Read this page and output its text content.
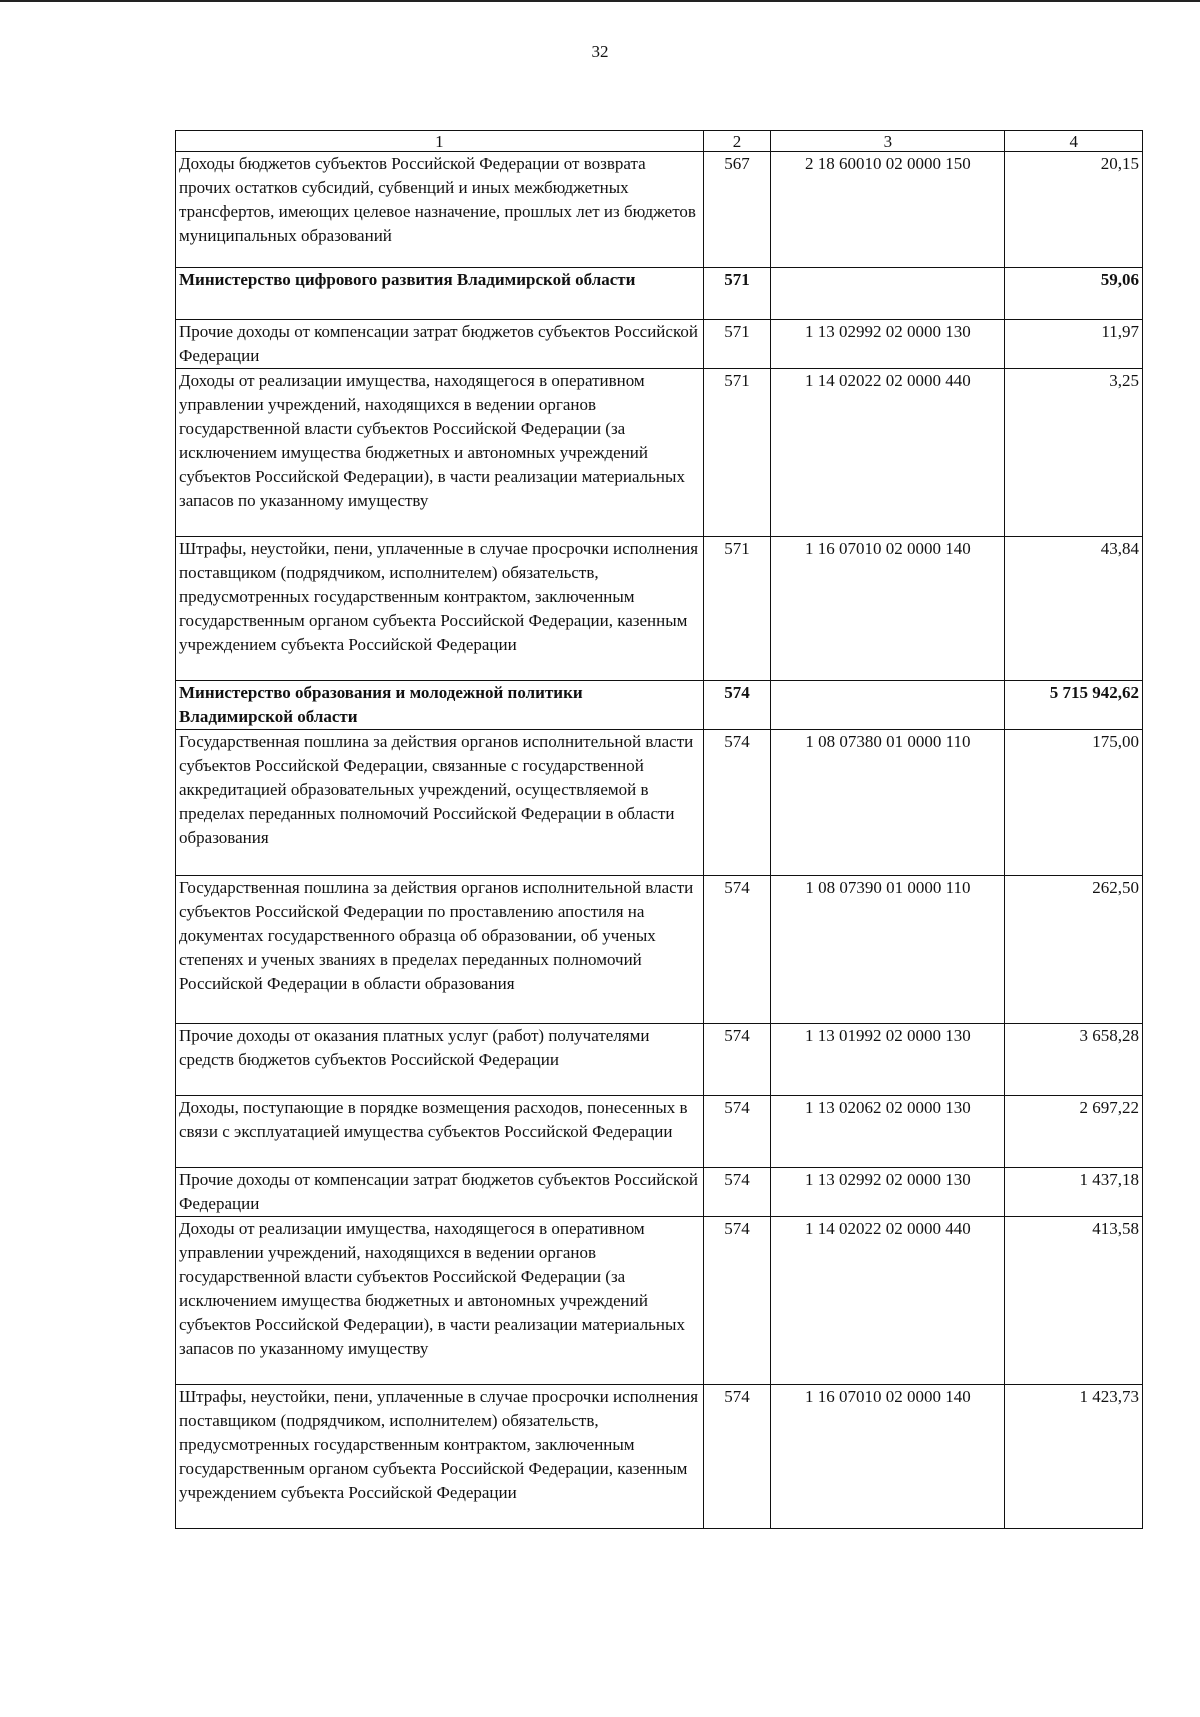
32
1	2	3	4
Доходы бюджетов субъектов Российской Федерации от возврата прочих остатков субсидий, субвенций и иных межбюджетных трансфертов, имеющих целевое назначение, прошлых лет из бюджетов муниципальных образований	567	2 18 60010 02 0000 150	20,15
Министерство цифрового развития Владимирской области	571		59,06
Прочие доходы от компенсации затрат бюджетов субъектов Российской Федерации	571	1 13 02992 02 0000 130	11,97
Доходы от реализации имущества, находящегося в оперативном управлении учреждений, находящихся в ведении органов государственной власти субъектов Российской Федерации (за исключением имущества бюджетных и автономных учреждений субъектов Российской Федерации), в части реализации материальных запасов по указанному имуществу	571	1 14 02022 02 0000 440	3,25
Штрафы, неустойки, пени, уплаченные в случае просрочки исполнения поставщиком (подрядчиком, исполнителем) обязательств, предусмотренных государственным контрактом, заключенным государственным органом субъекта Российской Федерации, казенным учреждением субъекта Российской Федерации	571	1 16 07010 02 0000 140	43,84
Министерство образования и молодежной политики Владимирской области	574		5 715 942,62
Государственная пошлина за действия органов исполнительной власти субъектов Российской Федерации, связанные с государственной аккредитацией образовательных учреждений, осуществляемой в пределах переданных полномочий Российской Федерации в области образования	574	1 08 07380 01 0000 110	175,00
Государственная пошлина за действия органов исполнительной власти субъектов Российской Федерации по проставлению апостиля на документах государственного образца об образовании, об ученых степенях и ученых званиях в пределах переданных полномочий Российской Федерации в области образования	574	1 08 07390 01 0000 110	262,50
Прочие доходы от оказания платных услуг (работ) получателями средств бюджетов субъектов Российской Федерации	574	1 13 01992 02 0000 130	3 658,28
Доходы, поступающие в порядке возмещения расходов, понесенных в связи с эксплуатацией имущества субъектов Российской Федерации	574	1 13 02062 02 0000 130	2 697,22
Прочие доходы от компенсации затрат бюджетов субъектов Российской Федерации	574	1 13 02992 02 0000 130	1 437,18
Доходы от реализации имущества, находящегося в оперативном управлении учреждений, находящихся в ведении органов государственной власти субъектов Российской Федерации (за исключением имущества бюджетных и автономных учреждений субъектов Российской Федерации), в части реализации материальных запасов по указанному имуществу	574	1 14 02022 02 0000 440	413,58
Штрафы, неустойки, пени, уплаченные в случае просрочки исполнения поставщиком (подрядчиком, исполнителем) обязательств, предусмотренных государственным контрактом, заключенным государственным органом субъекта Российской Федерации, казенным учреждением субъекта Российской Федерации	574	1 16 07010 02 0000 140	1 423,73
